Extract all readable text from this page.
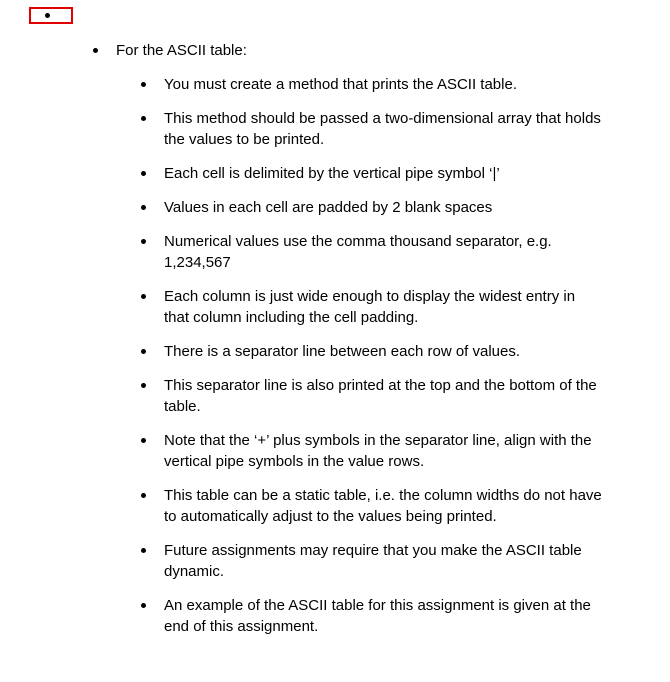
For the ASCII table:
You must create a method that prints the ASCII table.
This method should be passed a two-dimensional array that holds the values to be printed.
Each cell is delimited by the vertical pipe symbol ‘|’
Values in each cell are padded by 2 blank spaces
Numerical values use the comma thousand separator, e.g. 1,234,567
Each column is just wide enough to display the widest entry in that column including the cell padding.
There is a separator line between each row of values.
This separator line is also printed at the top and the bottom of the table.
Note that the ‘+’ plus symbols in the separator line, align with the vertical pipe symbols in the value rows.
This table can be a static table, i.e. the column widths do not have to automatically adjust to the values being printed.
Future assignments may require that you make the ASCII table dynamic.
An example of the ASCII table for this assignment is given at the end of this assignment.
